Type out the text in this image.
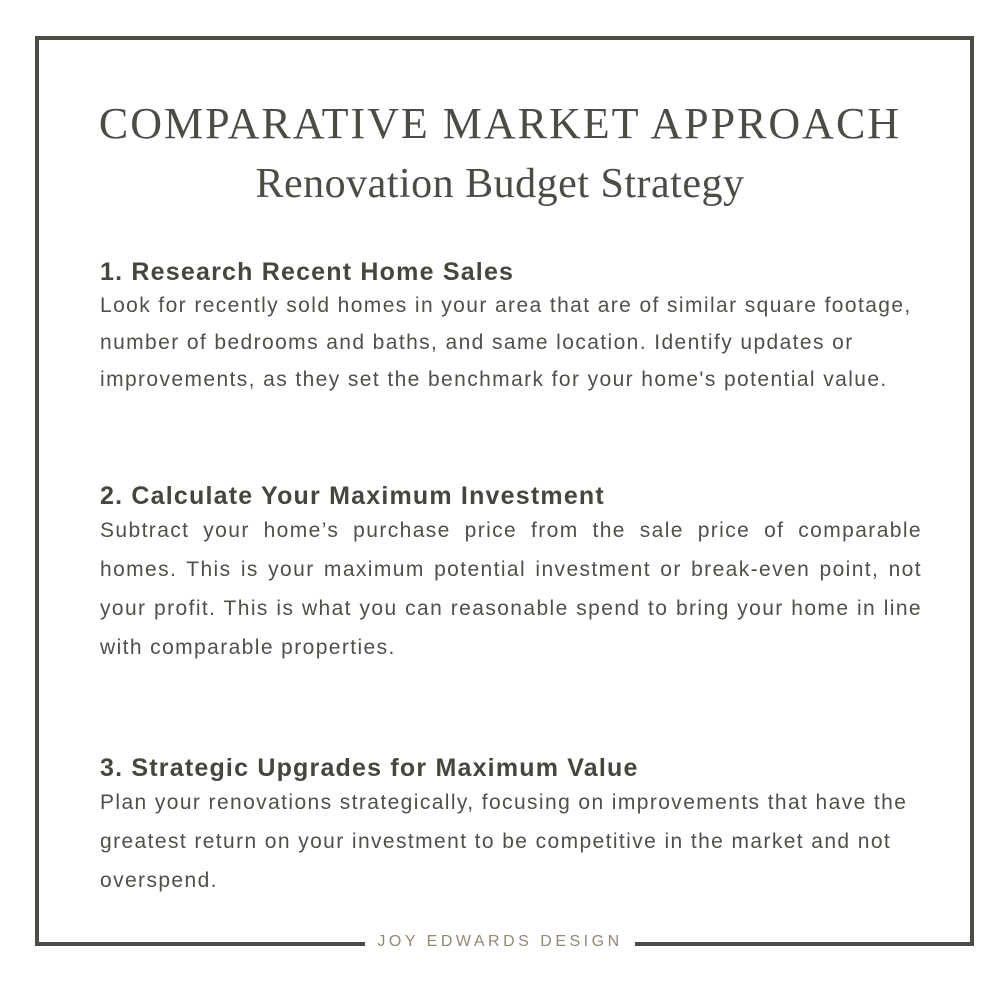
COMPARATIVE MARKET APPROACH
Renovation Budget Strategy
1. Research Recent Home Sales

Look for recently sold homes in your area that are of similar square footage, number of bedrooms and baths, and same location. Identify updates or improvements, as they set the benchmark for your home's potential value.

2. Calculate Your Maximum Investment

Subtract your home’s purchase price from the sale price of comparable homes. This is your maximum potential investment or break-even point, not your profit. This is what you can reasonable spend to bring your home in line with comparable properties.

3. Strategic Upgrades for Maximum Value

Plan your renovations strategically, focusing on improvements that have the greatest return on your investment to be competitive in the market and not overspend.

JOY EDWARDS DESIGN
